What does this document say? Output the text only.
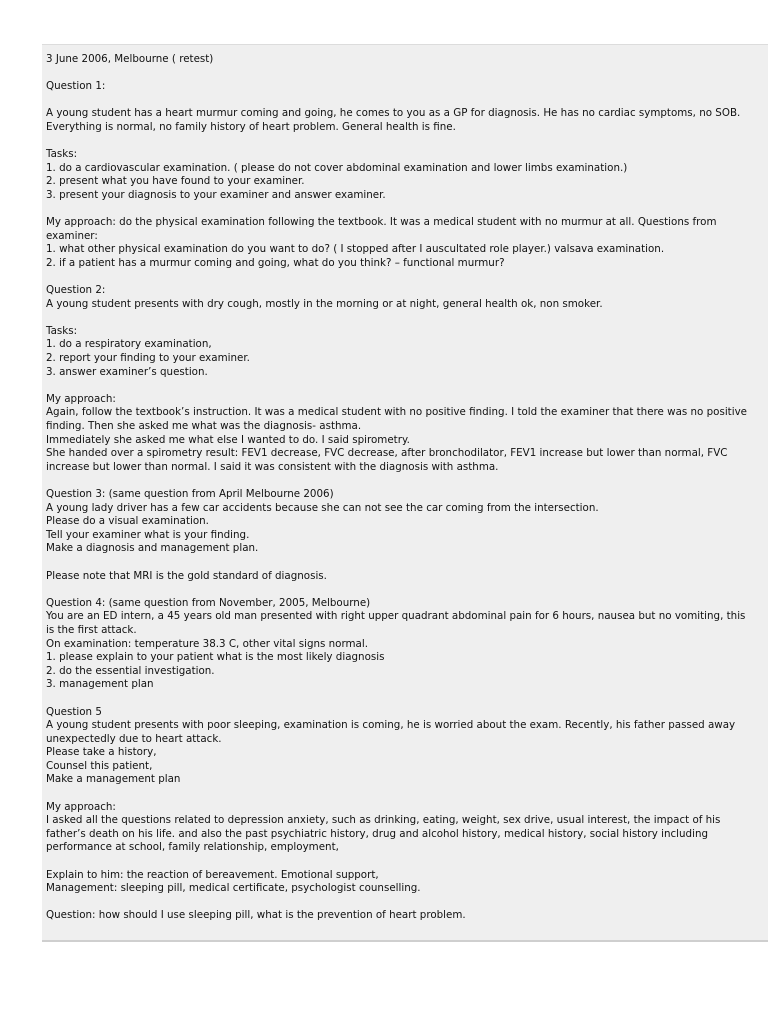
3 June 2006, Melbourne ( retest)
Question 1:
A young student has a heart murmur coming and going, he comes to you as a GP for diagnosis. He has no cardiac symptoms, no SOB.
Everything is normal, no family history of heart problem. General health is fine.
Tasks:
1. do a cardiovascular examination. ( please do not cover abdominal examination and lower limbs examination.)
2. present what you have found to your examiner.
3. present your diagnosis to your examiner and answer examiner.
My approach: do the physical examination following the textbook. It was a medical student with no murmur at all. Questions from
examiner:
1. what other physical examination do you want to do? ( I stopped after I auscultated role player.) valsava examination.
2. if a patient has a murmur coming and going, what do you think? – functional murmur?
Question 2:
A young student presents with dry cough, mostly in the morning or at night, general health ok, non smoker.
Tasks:
1. do a respiratory examination,
2. report your finding to your examiner.
3. answer examiner’s question.
My approach:
Again, follow the textbook’s instruction. It was a medical student with no positive finding. I told the examiner that there was no positive
finding. Then she asked me what was the diagnosis- asthma.
Immediately she asked me what else I wanted to do. I said spirometry.
She handed over a spirometry result: FEV1 decrease, FVC decrease, after bronchodilator, FEV1 increase but lower than normal, FVC
increase but lower than normal. I said it was consistent with the diagnosis with asthma.
Question 3: (same question from April Melbourne 2006)
A young lady driver has a few car accidents because she can not see the car coming from the intersection.
Please do a visual examination.
Tell your examiner what is your finding.
Make a diagnosis and management plan.
Please note that MRI is the gold standard of diagnosis.
Question 4: (same question from November, 2005, Melbourne)
You are an ED intern, a 45 years old man presented with right upper quadrant abdominal pain for 6 hours, nausea but no vomiting, this
is the first attack.
On examination: temperature 38.3 C, other vital signs normal.
1. please explain to your patient what is the most likely diagnosis
2. do the essential investigation.
3. management plan
Question 5
A young student presents with poor sleeping, examination is coming, he is worried about the exam. Recently, his father passed away
unexpectedly due to heart attack.
Please take a history,
Counsel this patient,
Make a management plan
My approach:
I asked all the questions related to depression anxiety, such as drinking, eating, weight, sex drive, usual interest, the impact of his
father’s death on his life. and also the past psychiatric history, drug and alcohol history, medical history, social history including
performance at school, family relationship, employment,
Explain to him: the reaction of bereavement. Emotional support,
Management: sleeping pill, medical certificate, psychologist counselling.
Question: how should I use sleeping pill, what is the prevention of heart problem.
